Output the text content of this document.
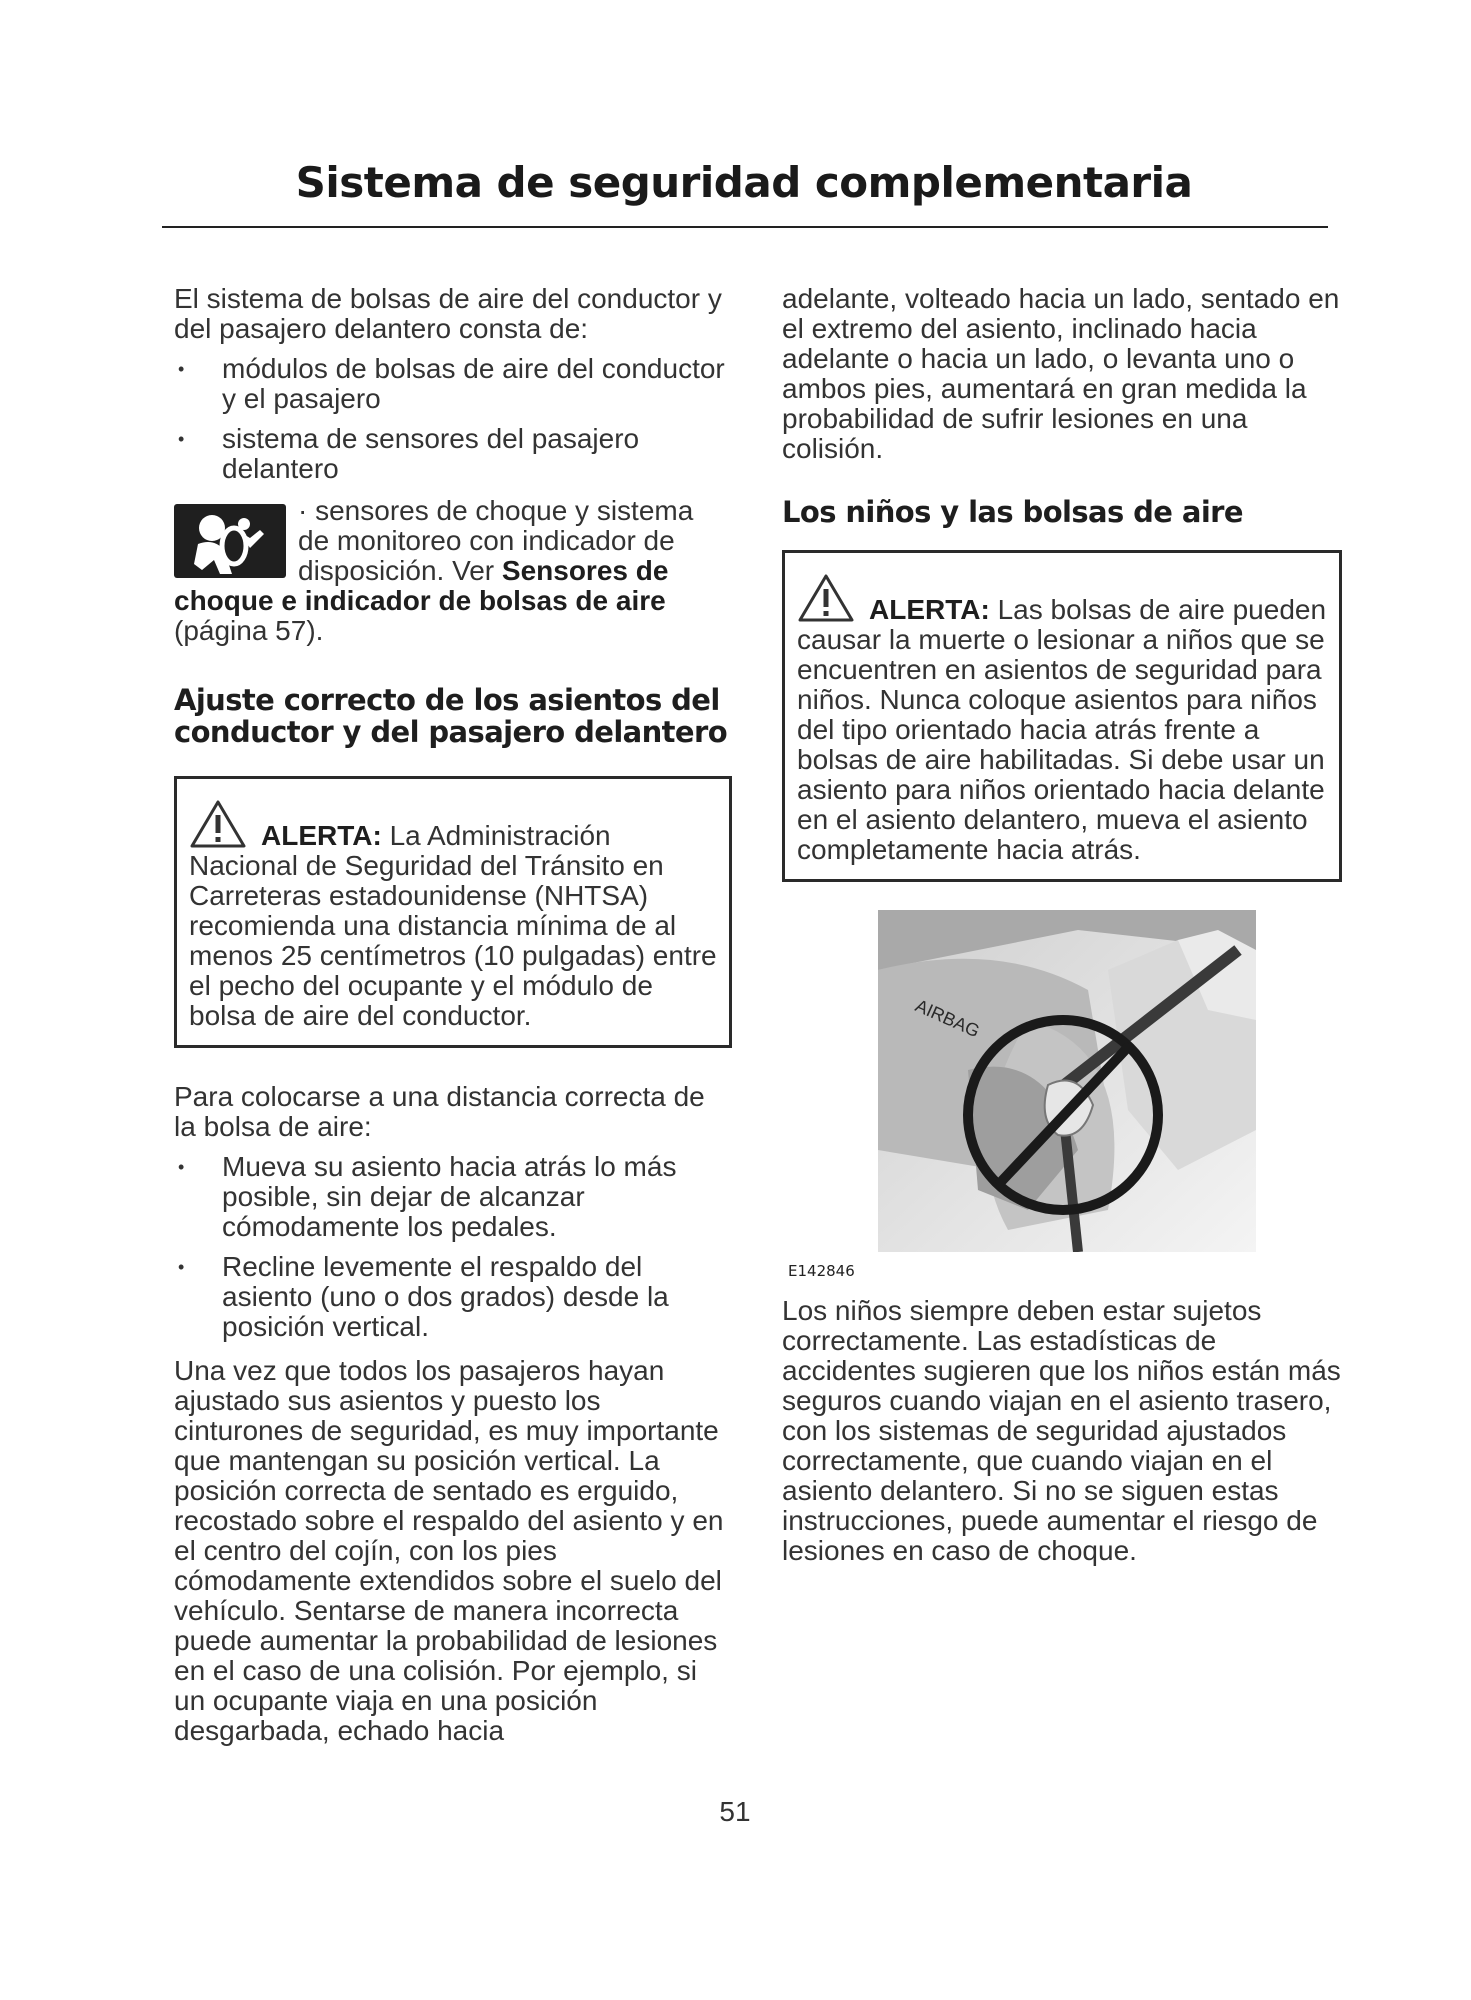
Sistema de seguridad complementaria

El sistema de bolsas de aire del conductor y del pasajero delantero consta de:

• módulos de bolsas de aire del conductor y el pasajero
• sistema de sensores del pasajero delantero
· sensores de choque y sistema de monitoreo con indicador de disposición. Ver Sensores de choque e indicador de bolsas de aire (página 57).
Ajuste correcto de los asientos del conductor y del pasajero delantero
ALERTA: La Administración Nacional de Seguridad del Tránsito en Carreteras estadounidense (NHTSA) recomienda una distancia mínima de al menos 25 centímetros (10 pulgadas) entre el pecho del ocupante y el módulo de bolsa de aire del conductor.

Para colocarse a una distancia correcta de la bolsa de aire:

• Mueva su asiento hacia atrás lo más posible, sin dejar de alcanzar cómodamente los pedales.
• Recline levemente el respaldo del asiento (uno o dos grados) desde la posición vertical.

Una vez que todos los pasajeros hayan ajustado sus asientos y puesto los cinturones de seguridad, es muy importante que mantengan su posición vertical. La posición correcta de sentado es erguido, recostado sobre el respaldo del asiento y en el centro del cojín, con los pies cómodamente extendidos sobre el suelo del vehículo. Sentarse de manera incorrecta puede aumentar la probabilidad de lesiones en el caso de una colisión. Por ejemplo, si un ocupante viaja en una posición desgarbada, echado hacia

adelante, volteado hacia un lado, sentado en el extremo del asiento, inclinado hacia adelante o hacia un lado, o levanta uno o ambos pies, aumentará en gran medida la probabilidad de sufrir lesiones en una colisión.

Los niños y las bolsas de aire
ALERTA: Las bolsas de aire pueden causar la muerte o lesionar a niños que se encuentren en asientos de seguridad para niños. Nunca coloque asientos para niños del tipo orientado hacia atrás frente a bolsas de aire habilitadas. Si debe usar un asiento para niños orientado hacia delante en el asiento delantero, mueva el asiento completamente hacia atrás.
AIRBAG
E142846

Los niños siempre deben estar sujetos correctamente. Las estadísticas de accidentes sugieren que los niños están más seguros cuando viajan en el asiento trasero, con los sistemas de seguridad ajustados correctamente, que cuando viajan en el asiento delantero. Si no se siguen estas instrucciones, puede aumentar el riesgo de lesiones en caso de choque.

51
